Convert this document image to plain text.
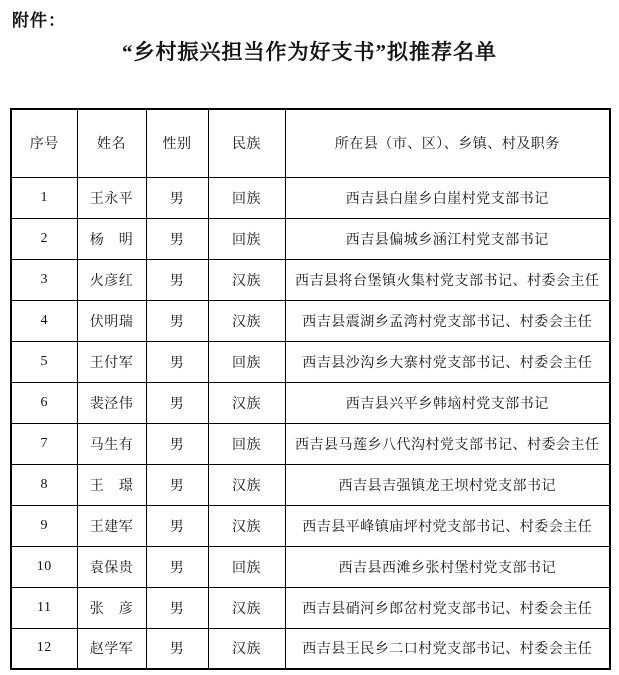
附件：
“乡村振兴担当作为好支书”拟推荐名单
序号	姓名	性别	民族	所在县（市、区）、乡镇、村及职务
1	王永平	男	回族	西吉县白崖乡白崖村党支部书记
2	杨　明	男	回族	西吉县偏城乡涵江村党支部书记
3	火彦红	男	汉族	西吉县将台堡镇火集村党支部书记、村委会主任
4	伏明瑞	男	汉族	西吉县震湖乡孟湾村党支部书记、村委会主任
5	王付军	男	回族	西吉县沙沟乡大寨村党支部书记、村委会主任
6	裴泾伟	男	汉族	西吉县兴平乡韩垴村党支部书记
7	马生有	男	回族	西吉县马莲乡八代沟村党支部书记、村委会主任
8	王　璟	男	汉族	西吉县吉强镇龙王坝村党支部书记
9	王建军	男	汉族	西吉县平峰镇庙坪村党支部书记、村委会主任
10	袁保贵	男	回族	西吉县西滩乡张村堡村党支部书记
11	张　彦	男	汉族	西吉县硝河乡郎岔村党支部书记、村委会主任
12	赵学军	男	汉族	西吉县王民乡二口村党支部书记、村委会主任
